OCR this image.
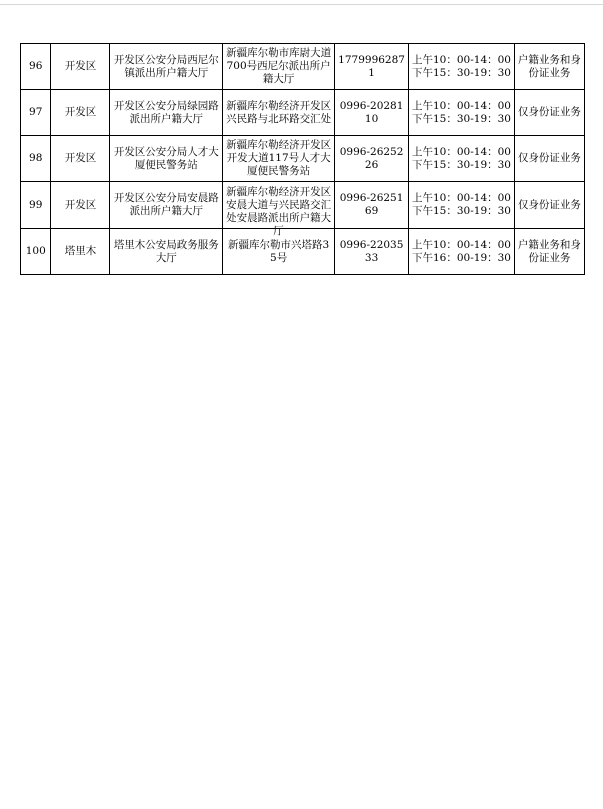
96	开发区	开发区公安分局西尼尔镇派出所户籍大厅	新疆库尔勒市库尉大道700号西尼尔派出所户籍大厅	17799962871	上午10：00-14：00
下午15：30-19：30	户籍业务和身份证业务
97	开发区	开发区公安分局绿园路派出所户籍大厅	新疆库尔勒经济开发区兴民路与北环路交汇处	0996-2028110	上午10：00-14：00
下午15：30-19：30	仅身份证业务
98	开发区	开发区公安分局人才大厦便民警务站	新疆库尔勒经济开发区开发大道117号人才大厦便民警务站	0996-2625226	上午10：00-14：00
下午15：30-19：30	仅身份证业务
99	开发区	开发区公安分局安晨路派出所户籍大厅	新疆库尔勒经济开发区安晨大道与兴民路交汇处安晨路派出所户籍大厅	0996-2625169	上午10：00-14：00
下午15：30-19：30	仅身份证业务
100	塔里木	塔里木公安局政务服务大厅	新疆库尔勒市兴塔路35号	0996-2203533	上午10：00-14：00
下午16：00-19：30	户籍业务和身份证业务
